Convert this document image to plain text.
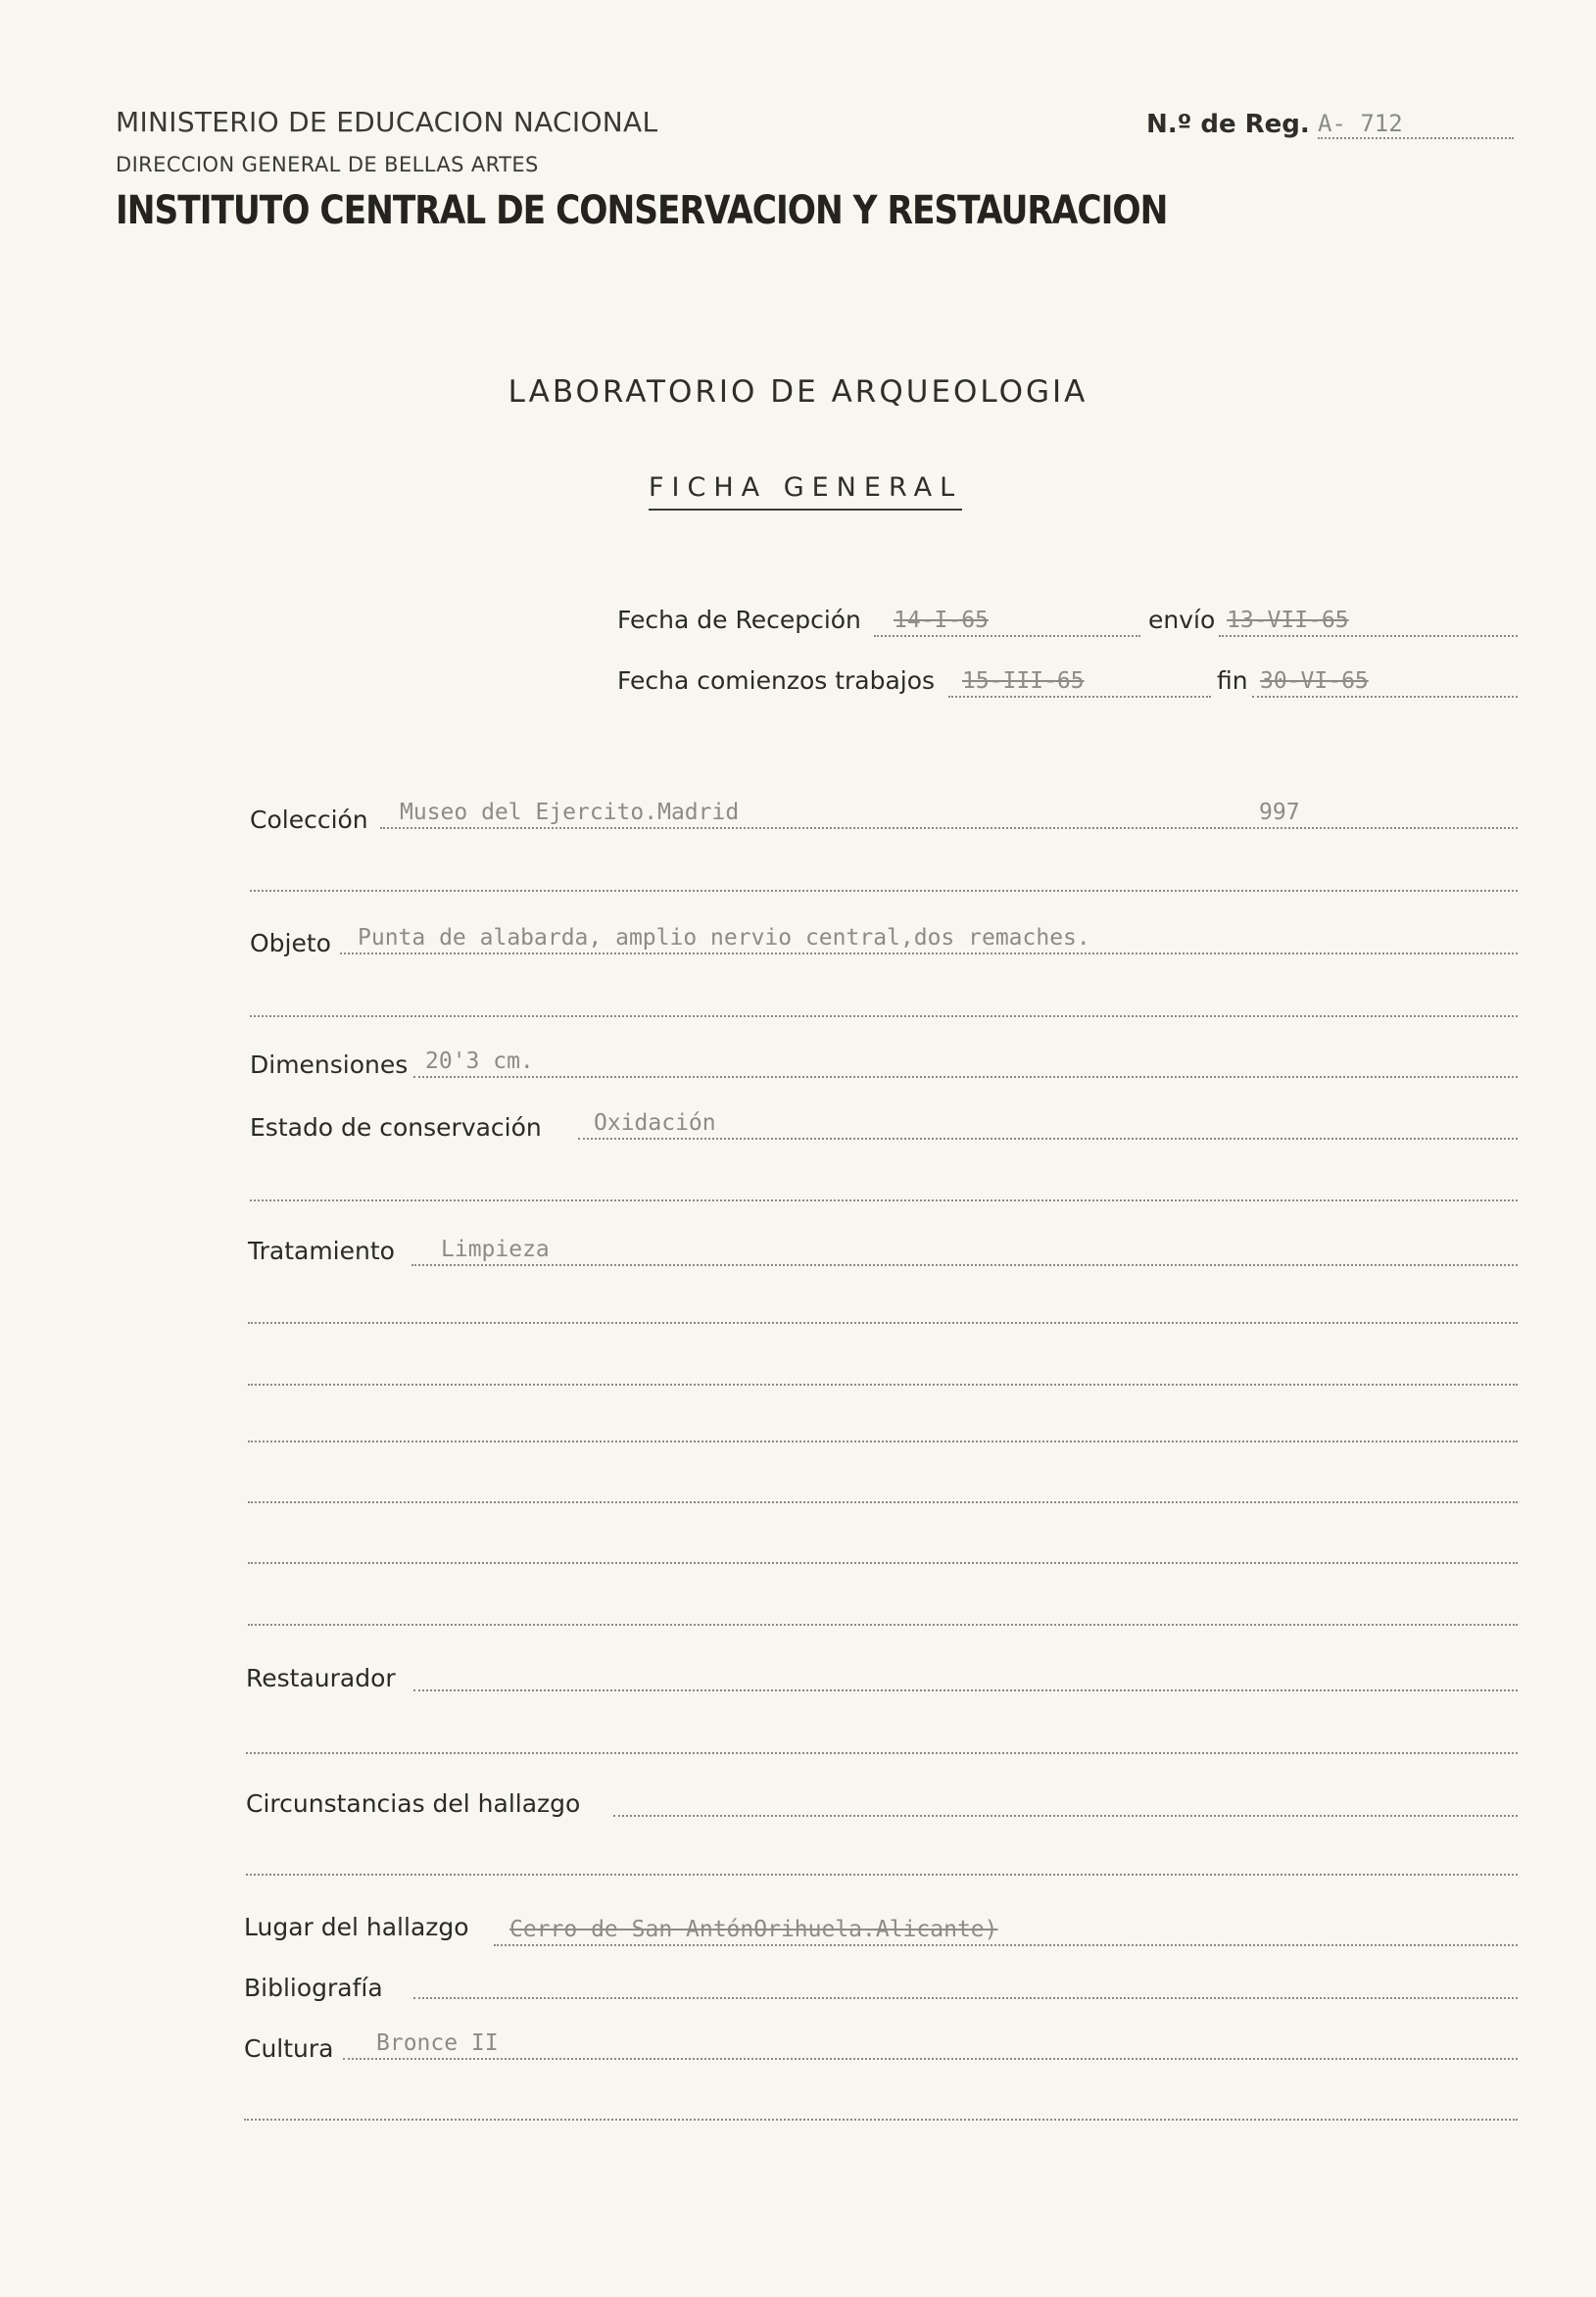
MINISTERIO DE EDUCACION NACIONAL
DIRECCION GENERAL DE BELLAS ARTES
INSTITUTO CENTRAL DE CONSERVACION Y RESTAURACION
N.º de Reg. A- 712
LABORATORIO DE ARQUEOLOGIA
FICHA GENERAL
Fecha de Recepción	14-I-65	envío 13-VII-65
Fecha comienzos trabajos	15-III-65	fin 30-VI-65
Colección	Museo del Ejercito.Madrid	997
Objeto	Punta de alabarda, amplio nervio central,dos remaches.
Dimensiones 20'3 cm.
Estado de conservación	Oxidación
Tratamiento	Limpieza
Restaurador
Circunstancias del hallazgo
Lugar del hallazgo	Cerro de San AntónOrihuela.Alicante)
Bibliografía
Cultura	Bronce II
